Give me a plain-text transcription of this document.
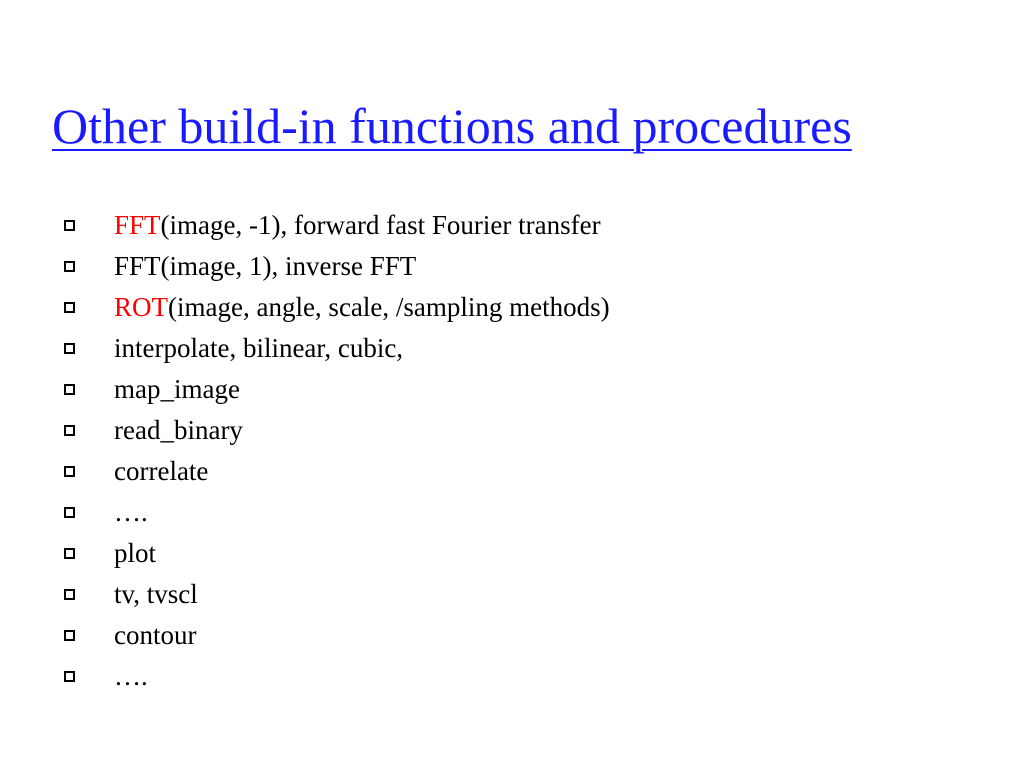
Other build-in functions and procedures
FFT(image, -1), forward fast Fourier transfer
FFT(image, 1), inverse FFT
ROT(image, angle, scale, /sampling methods)
interpolate, bilinear, cubic,
map_image
read_binary
correlate
….
plot
tv, tvscl
contour
….
